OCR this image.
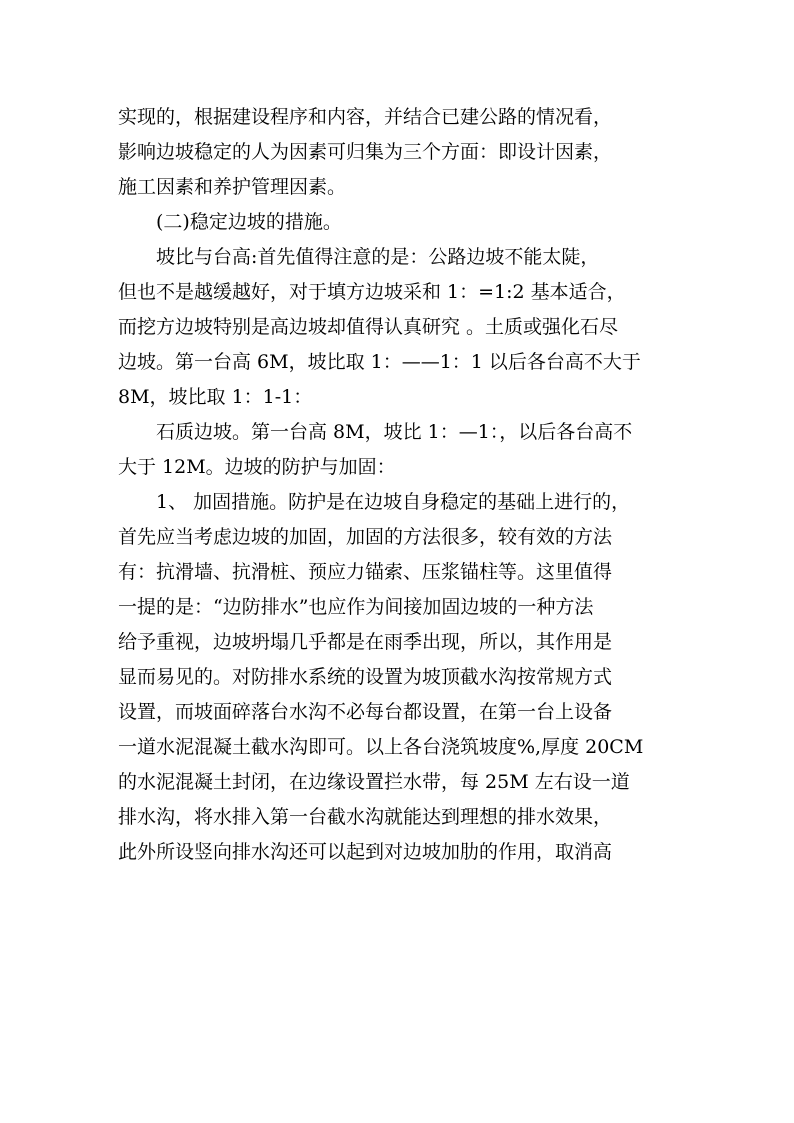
实现的，根据建设程序和内容，并结合已建公路的情况看，
影响边坡稳定的人为因素可归集为三个方面：即设计因素，
施工因素和养护管理因素。
(二)稳定边坡的措施。
坡比与台高:首先值得注意的是：公路边坡不能太陡，
但也不是越缓越好，对于填方边坡采和 1：=1:2 基本适合，
而挖方边坡特别是高边坡却值得认真研究 。土质或强化石尽
边坡。第一台高 6M，坡比取 1：——1：1 以后各台高不大于
8M，坡比取 1：1-1：
石质边坡。第一台高 8M，坡比 1：—1：，以后各台高不
大于 12M。边坡的防护与加固：
1、 加固措施。防护是在边坡自身稳定的基础上进行的，
首先应当考虑边坡的加固，加固的方法很多，较有效的方法
有：抗滑墙、抗滑桩、预应力锚索、压浆锚柱等。这里值得
一提的是：“边防排水”也应作为间接加固边坡的一种方法
给予重视，边坡坍塌几乎都是在雨季出现，所以，其作用是
显而易见的。对防排水系统的设置为坡顶截水沟按常规方式
设置，而坡面碎落台水沟不必每台都设置，在第一台上设备
一道水泥混凝土截水沟即可。以上各台浇筑坡度%,厚度 20CM
的水泥混凝土封闭，在边缘设置拦水带，每 25M 左右设一道
排水沟，将水排入第一台截水沟就能达到理想的排水效果，
此外所设竖向排水沟还可以起到对边坡加肋的作用，取消高
